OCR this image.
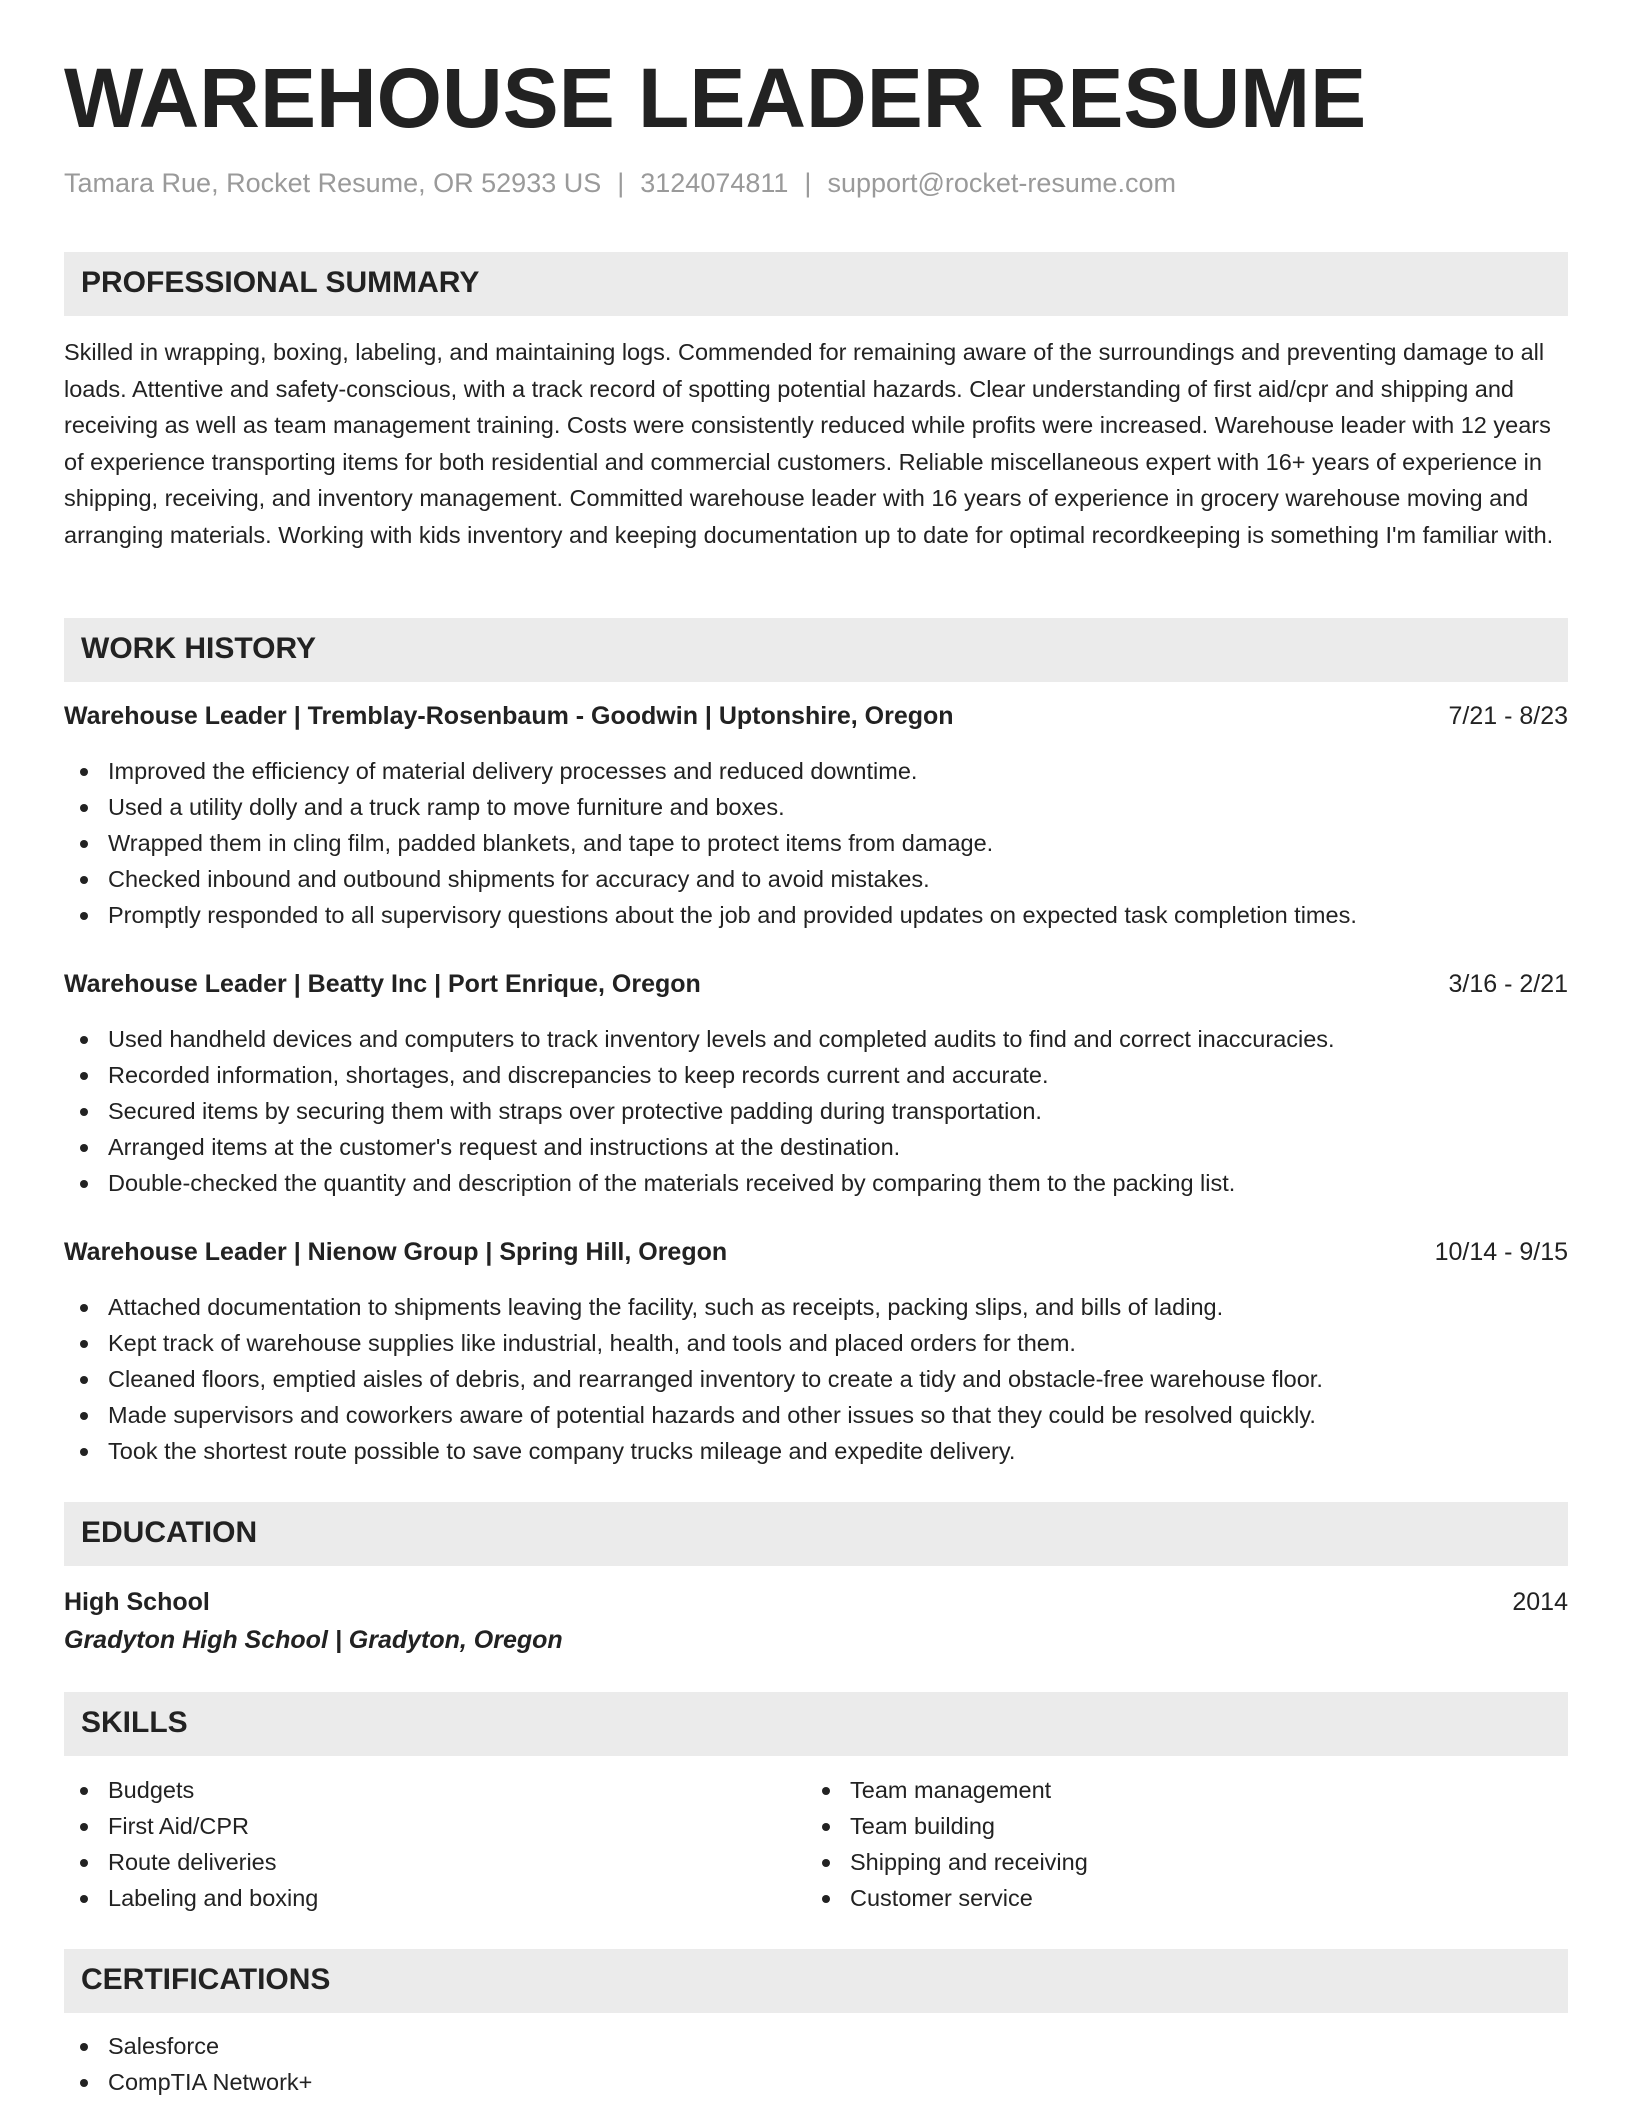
WAREHOUSE LEADER RESUME
Tamara Rue, Rocket Resume, OR 52933 US | 3124074811 | support@rocket-resume.com
PROFESSIONAL SUMMARY
Skilled in wrapping, boxing, labeling, and maintaining logs. Commended for remaining aware of the surroundings and preventing damage to all loads. Attentive and safety-conscious, with a track record of spotting potential hazards. Clear understanding of first aid/cpr and shipping and receiving as well as team management training. Costs were consistently reduced while profits were increased. Warehouse leader with 12 years of experience transporting items for both residential and commercial customers. Reliable miscellaneous expert with 16+ years of experience in shipping, receiving, and inventory management. Committed warehouse leader with 16 years of experience in grocery warehouse moving and arranging materials. Working with kids inventory and keeping documentation up to date for optimal recordkeeping is something I'm familiar with.
WORK HISTORY
Warehouse Leader | Tremblay-Rosenbaum - Goodwin | Uptonshire, Oregon	7/21 - 8/23
Improved the efficiency of material delivery processes and reduced downtime.
Used a utility dolly and a truck ramp to move furniture and boxes.
Wrapped them in cling film, padded blankets, and tape to protect items from damage.
Checked inbound and outbound shipments for accuracy and to avoid mistakes.
Promptly responded to all supervisory questions about the job and provided updates on expected task completion times.
Warehouse Leader | Beatty Inc | Port Enrique, Oregon	3/16 - 2/21
Used handheld devices and computers to track inventory levels and completed audits to find and correct inaccuracies.
Recorded information, shortages, and discrepancies to keep records current and accurate.
Secured items by securing them with straps over protective padding during transportation.
Arranged items at the customer's request and instructions at the destination.
Double-checked the quantity and description of the materials received by comparing them to the packing list.
Warehouse Leader | Nienow Group | Spring Hill, Oregon	10/14 - 9/15
Attached documentation to shipments leaving the facility, such as receipts, packing slips, and bills of lading.
Kept track of warehouse supplies like industrial, health, and tools and placed orders for them.
Cleaned floors, emptied aisles of debris, and rearranged inventory to create a tidy and obstacle-free warehouse floor.
Made supervisors and coworkers aware of potential hazards and other issues so that they could be resolved quickly.
Took the shortest route possible to save company trucks mileage and expedite delivery.
EDUCATION
High School	2014
Gradyton High School | Gradyton, Oregon
SKILLS
Budgets
First Aid/CPR
Route deliveries
Labeling and boxing
Team management
Team building
Shipping and receiving
Customer service
CERTIFICATIONS
Salesforce
CompTIA Network+
